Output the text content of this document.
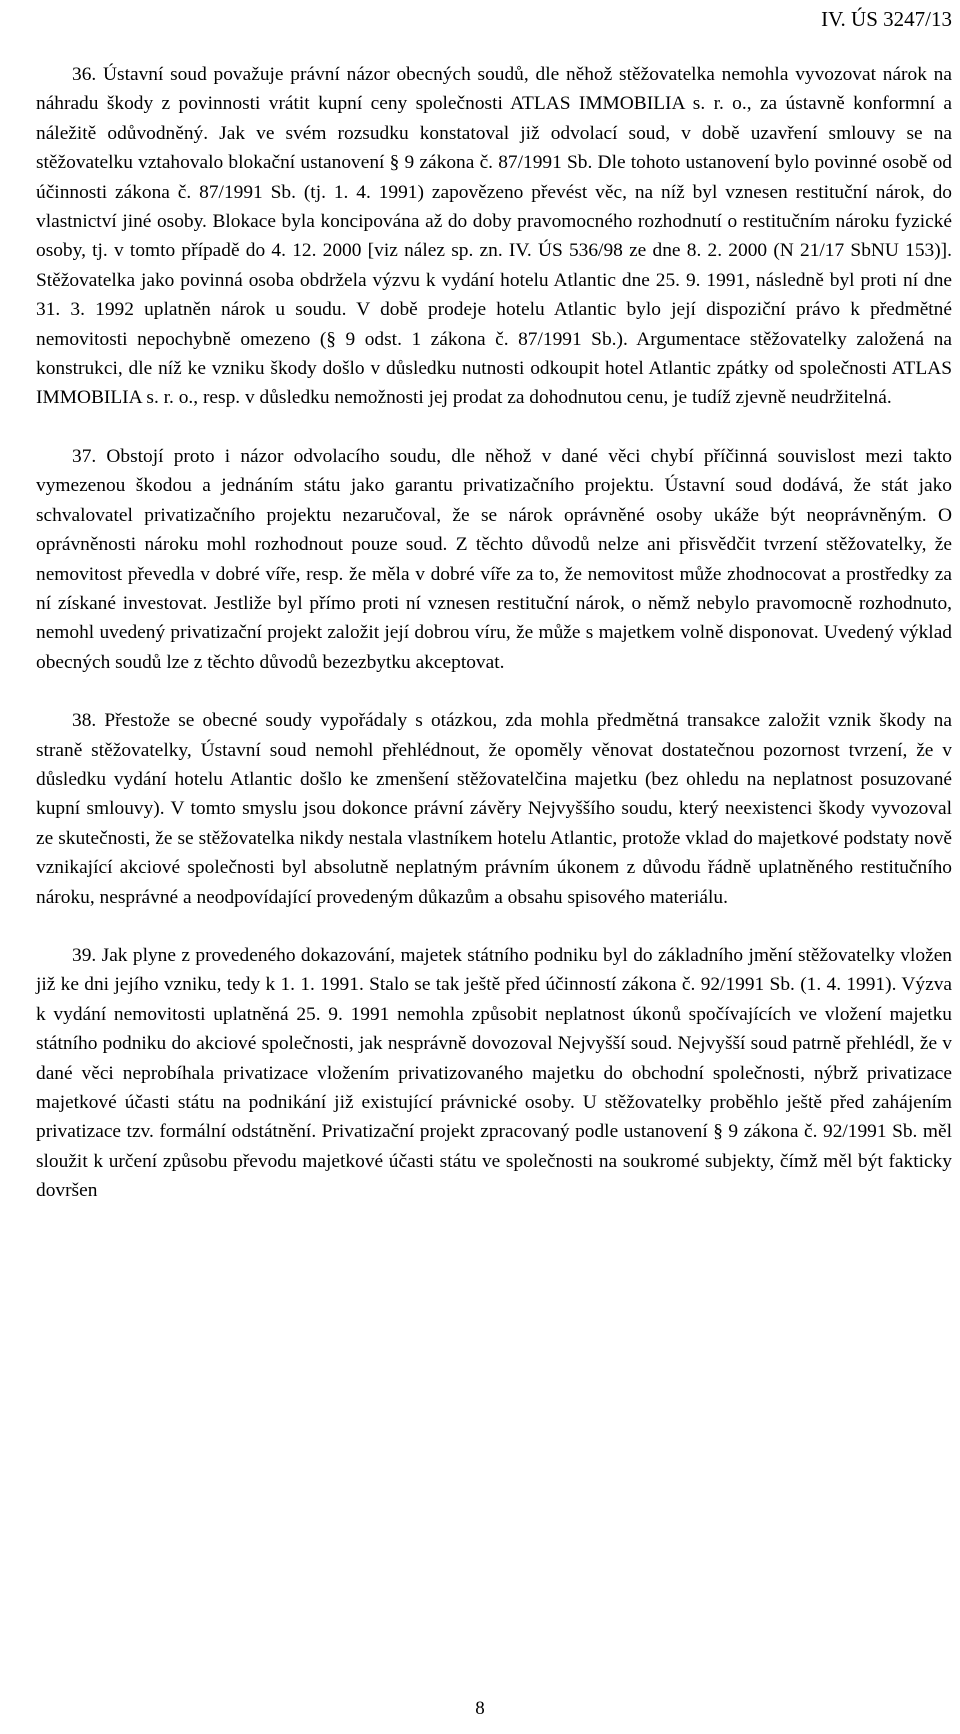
IV. ÚS 3247/13

36. Ústavní soud považuje právní názor obecných soudů, dle něhož stěžovatelka nemohla vyvozovat nárok na náhradu škody z povinnosti vrátit kupní ceny společnosti ATLAS IMMOBILIA s. r. o., za ústavně konformní a náležitě odůvodněný. Jak ve svém rozsudku konstatoval již odvolací soud, v době uzavření smlouvy se na stěžovatelku vztahovalo blokační ustanovení § 9 zákona č. 87/1991 Sb. Dle tohoto ustanovení bylo povinné osobě od účinnosti zákona č. 87/1991 Sb. (tj. 1. 4. 1991) zapovězeno převést věc, na níž byl vznesen restituční nárok, do vlastnictví jiné osoby. Blokace byla koncipována až do doby pravomocného rozhodnutí o restitučním nároku fyzické osoby, tj. v tomto případě do 4. 12. 2000 [viz nález sp. zn. IV. ÚS 536/98 ze dne 8. 2. 2000 (N 21/17 SbNU 153)]. Stěžovatelka jako povinná osoba obdržela výzvu k vydání hotelu Atlantic dne 25. 9. 1991, následně byl proti ní dne 31. 3. 1992 uplatněn nárok u soudu. V době prodeje hotelu Atlantic bylo její dispoziční právo k předmětné nemovitosti nepochybně omezeno (§ 9 odst. 1 zákona č. 87/1991 Sb.). Argumentace stěžovatelky založená na konstrukci, dle níž ke vzniku škody došlo v důsledku nutnosti odkoupit hotel Atlantic zpátky od společnosti ATLAS IMMOBILIA s. r. o., resp. v důsledku nemožnosti jej prodat za dohodnutou cenu, je tudíž zjevně neudržitelná.

37. Obstojí proto i názor odvolacího soudu, dle něhož v dané věci chybí příčinná souvislost mezi takto vymezenou škodou a jednáním státu jako garantu privatizačního projektu. Ústavní soud dodává, že stát jako schvalovatel privatizačního projektu nezaručoval, že se nárok oprávněné osoby ukáže být neoprávněným. O oprávněnosti nároku mohl rozhodnout pouze soud. Z těchto důvodů nelze ani přisvědčit tvrzení stěžovatelky, že nemovitost převedla v dobré víře, resp. že měla v dobré víře za to, že nemovitost může zhodnocovat a prostředky za ní získané investovat. Jestliže byl přímo proti ní vznesen restituční nárok, o němž nebylo pravomocně rozhodnuto, nemohl uvedený privatizační projekt založit její dobrou víru, že může s majetkem volně disponovat. Uvedený výklad obecných soudů lze z těchto důvodů bezezbytku akceptovat.

38. Přestože se obecné soudy vypořádaly s otázkou, zda mohla předmětná transakce založit vznik škody na straně stěžovatelky, Ústavní soud nemohl přehlédnout, že opoměly věnovat dostatečnou pozornost tvrzení, že v důsledku vydání hotelu Atlantic došlo ke zmenšení stěžovatelčina majetku (bez ohledu na neplatnost posuzované kupní smlouvy). V tomto smyslu jsou dokonce právní závěry Nejvyššího soudu, který neexistenci škody vyvozoval ze skutečnosti, že se stěžovatelka nikdy nestala vlastníkem hotelu Atlantic, protože vklad do majetkové podstaty nově vznikající akciové společnosti byl absolutně neplatným právním úkonem z důvodu řádně uplatněného restitučního nároku, nesprávné a neodpovídající provedeným důkazům a obsahu spisového materiálu.

39. Jak plyne z provedeného dokazování, majetek státního podniku byl do základního jmění stěžovatelky vložen již ke dni jejího vzniku, tedy k 1. 1. 1991. Stalo se tak ještě před účinností zákona č. 92/1991 Sb. (1. 4. 1991). Výzva k vydání nemovitosti uplatněná 25. 9. 1991 nemohla způsobit neplatnost úkonů spočívajících ve vložení majetku státního podniku do akciové společnosti, jak nesprávně dovozoval Nejvyšší soud. Nejvyšší soud patrně přehlédl, že v dané věci neprobíhala privatizace vložením privatizovaného majetku do obchodní společnosti, nýbrž privatizace majetkové účasti státu na podnikání již existující právnické osoby. U stěžovatelky proběhlo ještě před zahájením privatizace tzv. formální odstátnění. Privatizační projekt zpracovaný podle ustanovení § 9 zákona č. 92/1991 Sb. měl sloužit k určení způsobu převodu majetkové účasti státu ve společnosti na soukromé subjekty, čímž měl být fakticky dovršen

8
